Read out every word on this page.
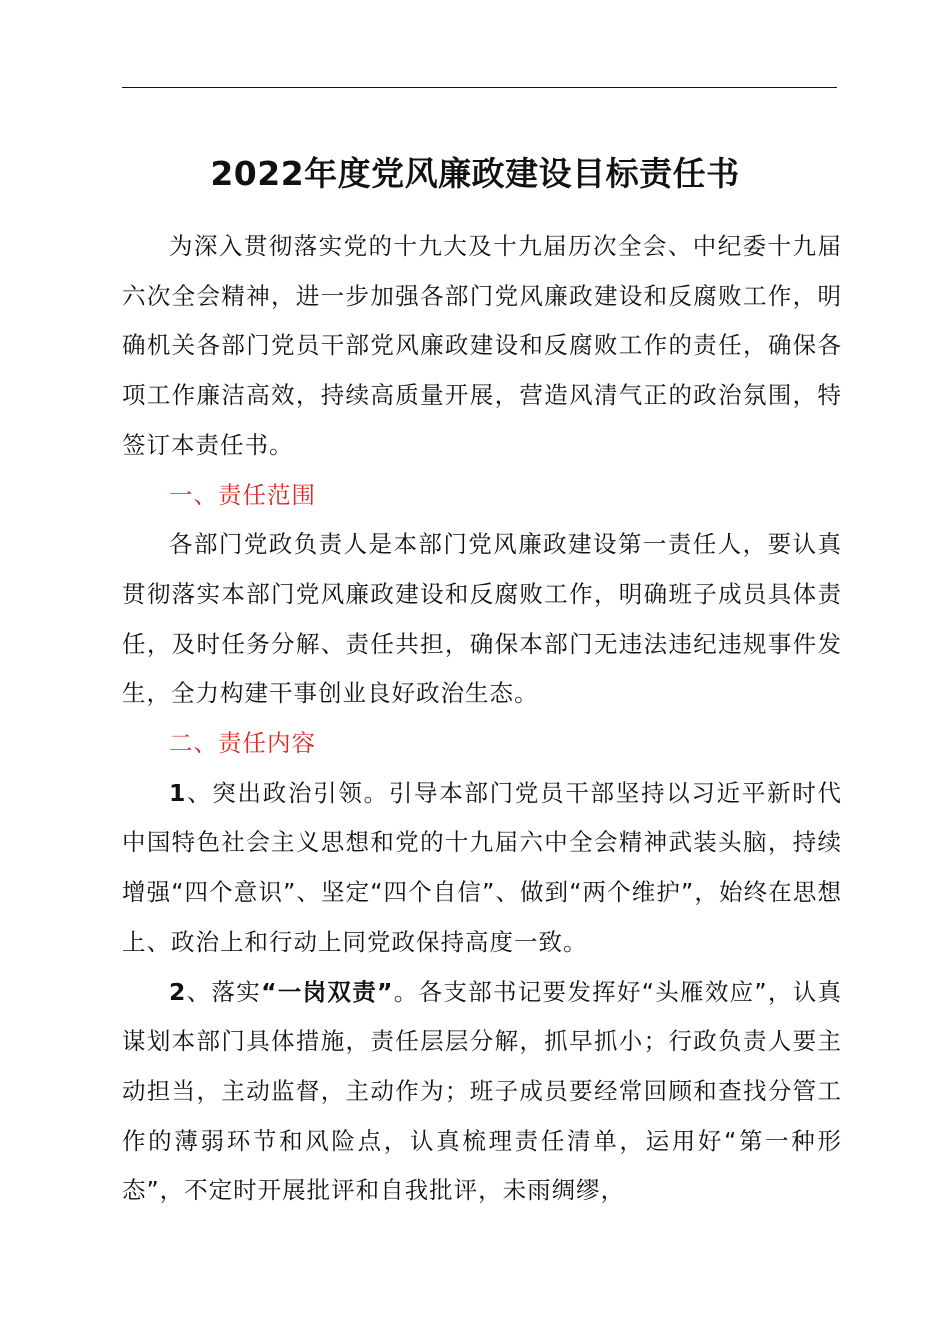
2022年度党风廉政建设目标责任书

为深入贯彻落实党的十九大及十九届历次全会、中纪委十九届六次全会精神，进一步加强各部门党风廉政建设和反腐败工作，明确机关各部门党员干部党风廉政建设和反腐败工作的责任，确保各项工作廉洁高效，持续高质量开展，营造风清气正的政治氛围，特签订本责任书。

一、责任范围

各部门党政负责人是本部门党风廉政建设第一责任人，要认真贯彻落实本部门党风廉政建设和反腐败工作，明确班子成员具体责任，及时任务分解、责任共担，确保本部门无违法违纪违规事件发生，全力构建干事创业良好政治生态。

二、责任内容

1、突出政治引领。引导本部门党员干部坚持以习近平新时代中国特色社会主义思想和党的十九届六中全会精神武装头脑，持续增强“四个意识”、坚定“四个自信”、做到“两个维护”，始终在思想上、政治上和行动上同党政保持高度一致。

2、落实“一岗双责”。各支部书记要发挥好“头雁效应”，认真谋划本部门具体措施，责任层层分解，抓早抓小；行政负责人要主动担当，主动监督，主动作为；班子成员要经常回顾和查找分管工作的薄弱环节和风险点，认真梳理责任清单，运用好“第一种形态”，不定时开展批评和自我批评，未雨绸缪，
